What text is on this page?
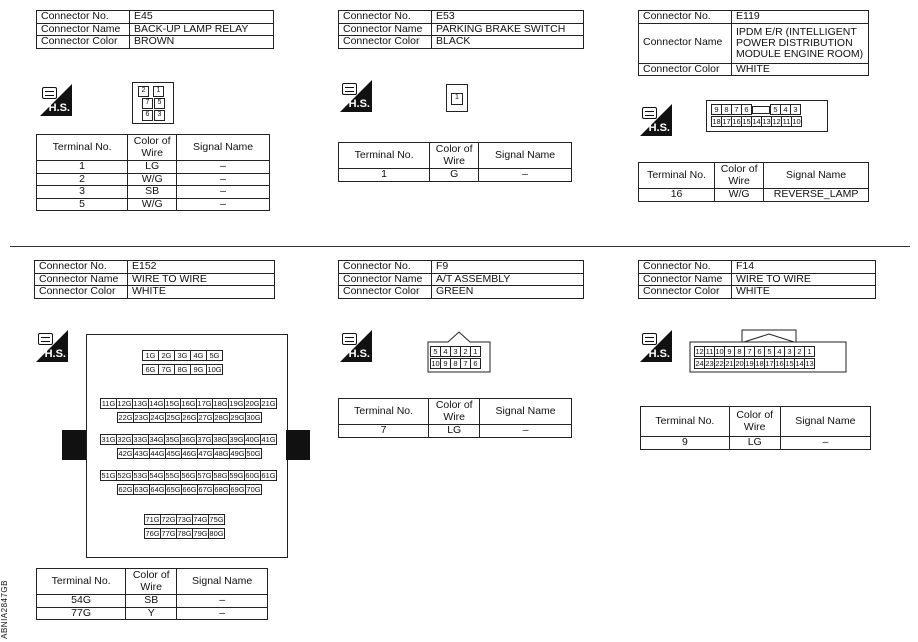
Connector No.	E45
Connector Name	BACK-UP LAMP RELAY
Connector Color	BROWN
H.S.
2	1
7	5
6	3
Terminal No.	Color of Wire	Signal Name
1	LG	–
2	W/G	–
3	SB	–
5	W/G	–
Connector No.	E53
Connector Name	PARKING BRAKE SWITCH
Connector Color	BLACK
H.S.
1
Terminal No.	Color of Wire	Signal Name
1	G	–
Connector No.	E119
Connector Name	IPDM E/R (INTELLIGENT POWER DISTRIBUTION MODULE ENGINE ROOM)
Connector Color	WHITE
H.S.
9	8	7	6		5	4	3
18	17	16	15	14	13	12	11	10
Terminal No.	Color of Wire	Signal Name
16	W/G	REVERSE_LAMP
Connector No.	E152
Connector Name	WIRE TO WIRE
Connector Color	WHITE
H.S.	1G	2G	3G	4G	5G
6G	7G	8G	9G	10G
11G	12G	13G	14G	15G	16G	17G	18G	19G	20G	21G
22G	23G	24G	25G	26G	27G	28G	29G	30G
31G	32G	33G	34G	35G	36G	37G	38G	39G	40G	41G
42G	43G	44G	45G	46G	47G	48G	49G	50G
51G	52G	53G	54G	55G	56G	57G	58G	59G	60G	61G
62G	63G	64G	65G	66G	67G	68G	69G	70G
71G	72G	73G	74G	75G
76G	77G	78G	79G	80G
Terminal No.	Color of Wire	Signal Name
54G	SB	–
77G	Y	–
Connector No.	F9
Connector Name	A/T ASSEMBLY
Connector Color	GREEN
H.S.	5	4	3	2	1
10	9	8	7	6
Terminal No.	Color of Wire	Signal Name
7	LG	–
Connector No.	F14
Connector Name	WIRE TO WIRE
Connector Color	WHITE
H.S.	12	11	10	9	8	7	6	5	4	3	2	1
24	23	22	21	20	19	18	17	16	15	14	13
Terminal No.	Color of Wire	Signal Name
9	LG	–
ABNIA2847GB
